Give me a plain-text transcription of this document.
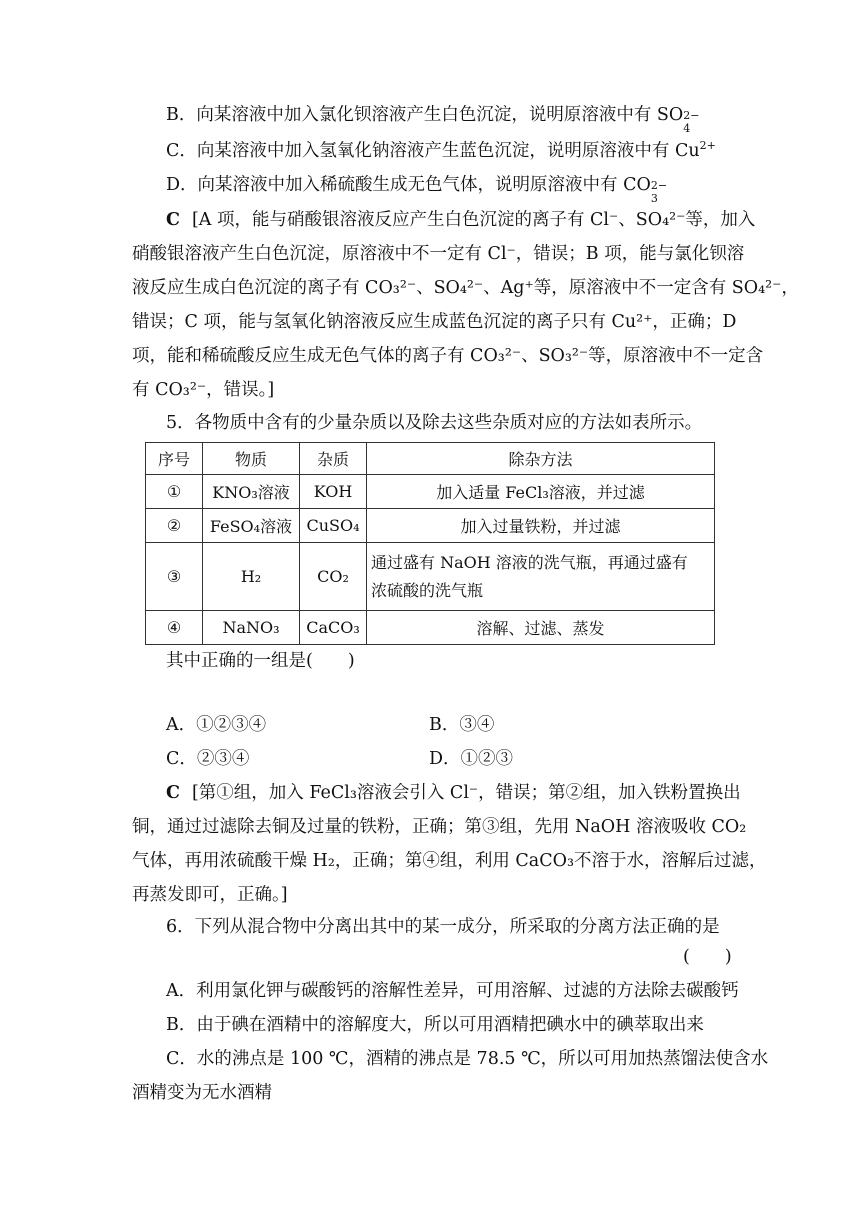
B．向某溶液中加入氯化钡溶液产生白色沉淀，说明原溶液中有 SO 2−
4
C．向某溶液中加入氢氧化钠溶液产生蓝色沉淀，说明原溶液中有 $Cu^{2+}$
D．向某溶液中加入稀硫酸生成无色气体，说明原溶液中有 CO 2−
3
C [A 项，能与硝酸银溶液反应产生白色沉淀的离子有 Cl⁻、SO₄²⁻等，加入
硝酸银溶液产生白色沉淀，原溶液中不一定有 Cl⁻，错误；B 项，能与氯化钡溶
液反应生成白色沉淀的离子有 CO₃²⁻、SO₄²⁻、Ag⁺等，原溶液中不一定含有 SO₄²⁻，
错误；C 项，能与氢氧化钠溶液反应生成蓝色沉淀的离子只有 Cu²⁺，正确；D
项，能和稀硫酸反应生成无色气体的离子有 CO₃²⁻、SO₃²⁻等，原溶液中不一定含
有 CO₃²⁻，错误。]
5．各物质中含有的少量杂质以及除去这些杂质对应的方法如表所示。
序号	物质	杂质	除杂方法
①	KNO₃溶液	KOH	加入适量 FeCl₃溶液，并过滤
②	FeSO₄溶液	CuSO₄	加入过量铁粉，并过滤
③	H₂	CO₂	通过盛有 NaOH 溶液的洗气瓶，再通过盛有
浓硫酸的洗气瓶

④	NaNO₃	CaCO₃	溶解、过滤、蒸发
其中正确的一组是(　　)
A．①②③④	B．③④
C．②③④	D．①②③
C [第①组，加入 FeCl₃溶液会引入 Cl⁻，错误；第②组，加入铁粉置换出
铜，通过过滤除去铜及过量的铁粉，正确；第③组，先用 NaOH 溶液吸收 CO₂
气体，再用浓硫酸干燥 H₂，正确；第④组，利用 CaCO₃不溶于水，溶解后过滤，
再蒸发即可，正确。]
6．下列从混合物中分离出其中的某一成分，所采取的分离方法正确的是
(　　)
A．利用氯化钾与碳酸钙的溶解性差异，可用溶解、过滤的方法除去碳酸钙
B．由于碘在酒精中的溶解度大，所以可用酒精把碘水中的碘萃取出来
C．水的沸点是 100 ℃，酒精的沸点是 78.5 ℃，所以可用加热蒸馏法使含水
酒精变为无水酒精
